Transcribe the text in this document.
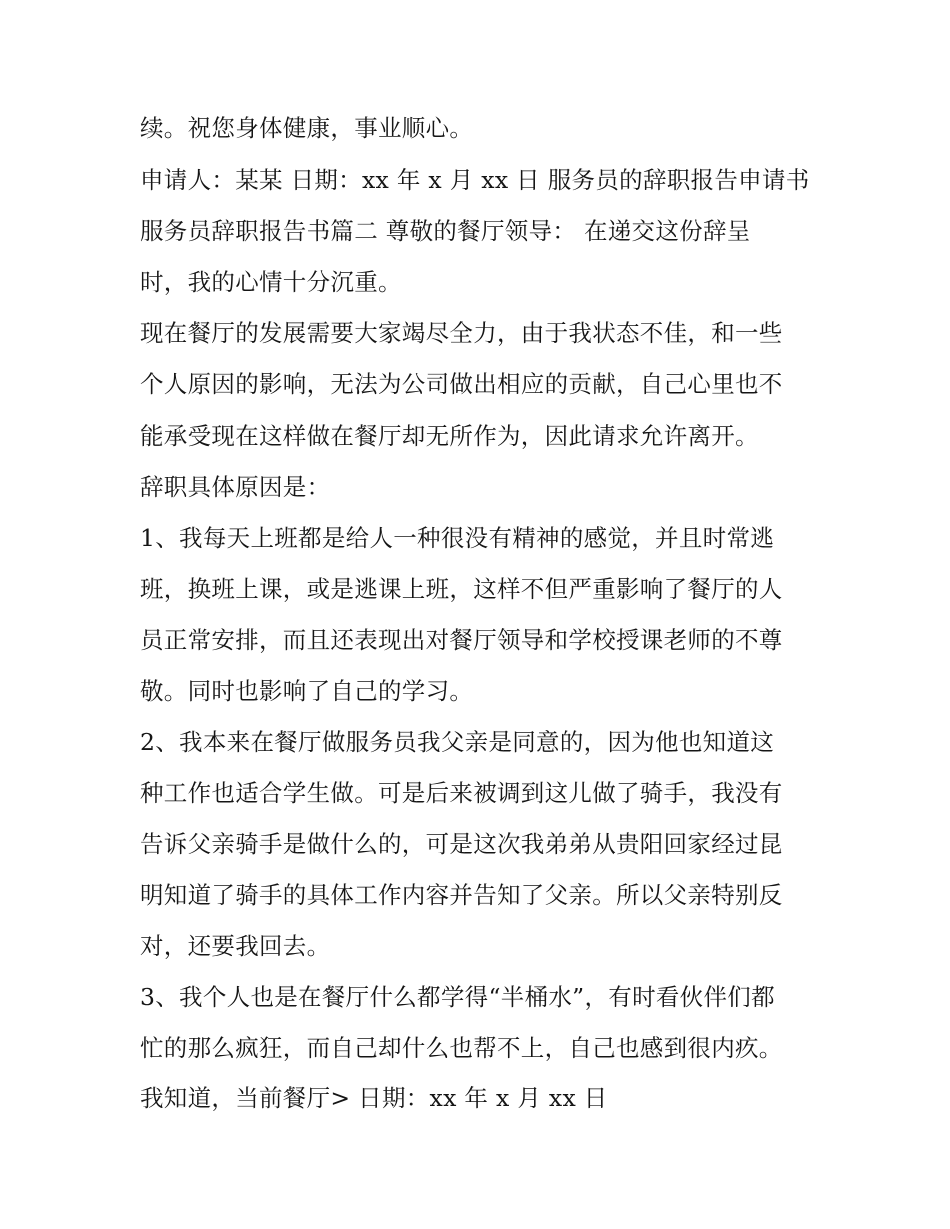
续。祝您身体健康，事业顺心。

申请人：某某 日期：xx 年 x 月 xx 日 服务员的辞职报告申请书

服务员辞职报告书篇二 尊敬的餐厅领导： 在递交这份辞呈

时，我的心情十分沉重。

现在餐厅的发展需要大家竭尽全力，由于我状态不佳，和一些

个人原因的影响，无法为公司做出相应的贡献，自己心里也不

能承受现在这样做在餐厅却无所作为，因此请求允许离开。

辞职具体原因是：

1、我每天上班都是给人一种很没有精神的感觉，并且时常逃

班，换班上课，或是逃课上班，这样不但严重影响了餐厅的人

员正常安排，而且还表现出对餐厅领导和学校授课老师的不尊

敬。同时也影响了自己的学习。

2、我本来在餐厅做服务员我父亲是同意的，因为他也知道这

种工作也适合学生做。可是后来被调到这儿做了骑手，我没有

告诉父亲骑手是做什么的，可是这次我弟弟从贵阳回家经过昆

明知道了骑手的具体工作内容并告知了父亲。所以父亲特别反

对，还要我回去。

3、我个人也是在餐厅什么都学得“半桶水”，有时看伙伴们都

忙的那么疯狂，而自己却什么也帮不上，自己也感到很内疚。

我知道，当前餐厅> 日期：xx 年 x 月 xx 日
